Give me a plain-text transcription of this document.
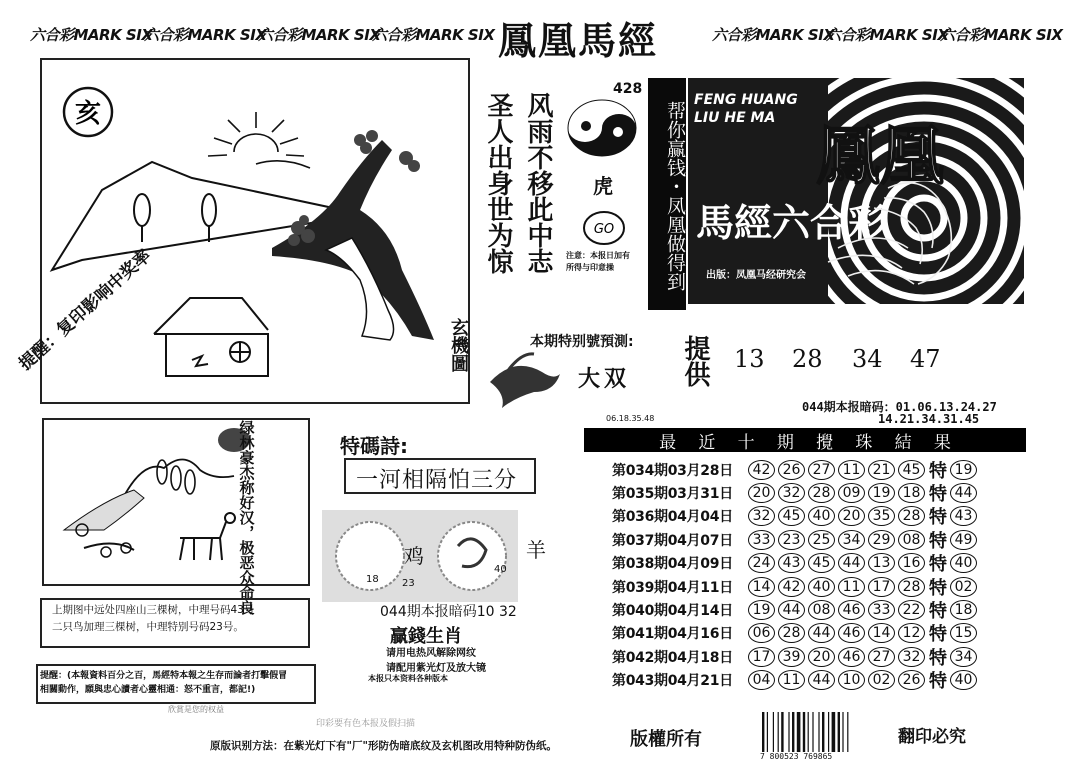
六合彩MARK SIX
六合彩MARK SIX
六合彩MARK SIX
六合彩MARK SIX 鳳凰馬經	六合彩MARK SIX
六合彩MARK SIX
六合彩MARK SIX
亥
玄機圖
圣人出身世为惊 风雨不移此中志
428
虎
GO
注意：本报日加有
所得与印意操	帮你赢钱・凤凰做得到
FENG HUANG
LIU HE MA
鳳凰
馬經六合彩
出版：凤凰马经研究会
本期特别號預測:
大双 提供 13 28 34 47
06.18.35.48
044期本报暗码：01.06.13.24.27
14.21.34.31.45
最 近 十 期 攪 珠 結 果
第034期03月28日	42 26 27 11 21 45 特 19
第035期03月31日	20 32 28 09 19 18 特 44
第036期04月04日	32 45 40 20 35 28 特 43
第037期04月07日	33 23 25 34 29 08 特 49
第038期04月09日	24 43 45 44 13 16 特 40
第039期04月11日	14 42 40 11 17 28 特 02
第040期04月14日	19 44 08 46 33 22 特 18
第041期04月16日	06 28 44 46 14 12 特 15
第042期04月18日	17 39 20 46 27 32 特 34
第043期04月21日	04 11 44 10 02 26 特 40
提醒：复印影响中奖率
绿林豪杰称好汉，极恶众命良	特碼詩:
一河相隔怕三分
鸡	羊
18 23
40
044期本报暗码10 32
贏錢生肖
请用电热风解除网纹
请配用紫光灯及放大镜
本报只本资料各种版本
上期图中远处四座山三棵树，中理号码43号
二只鸟加理三棵树，中理特别号码23号。
提醒：(本報資料百分之百，馬經特本報之生存而論者打擊假冒
相關動作，願與忠心讀者心靈相通：怒不重言，都記!)
欣賞是您的权益
印彩要有色本报及假扫描
原版识别方法：在紫光灯下有"厂"形防伪暗底纹及玄机图改用特种防伪纸。	版權所有
7 800523 769865
翻印必究
